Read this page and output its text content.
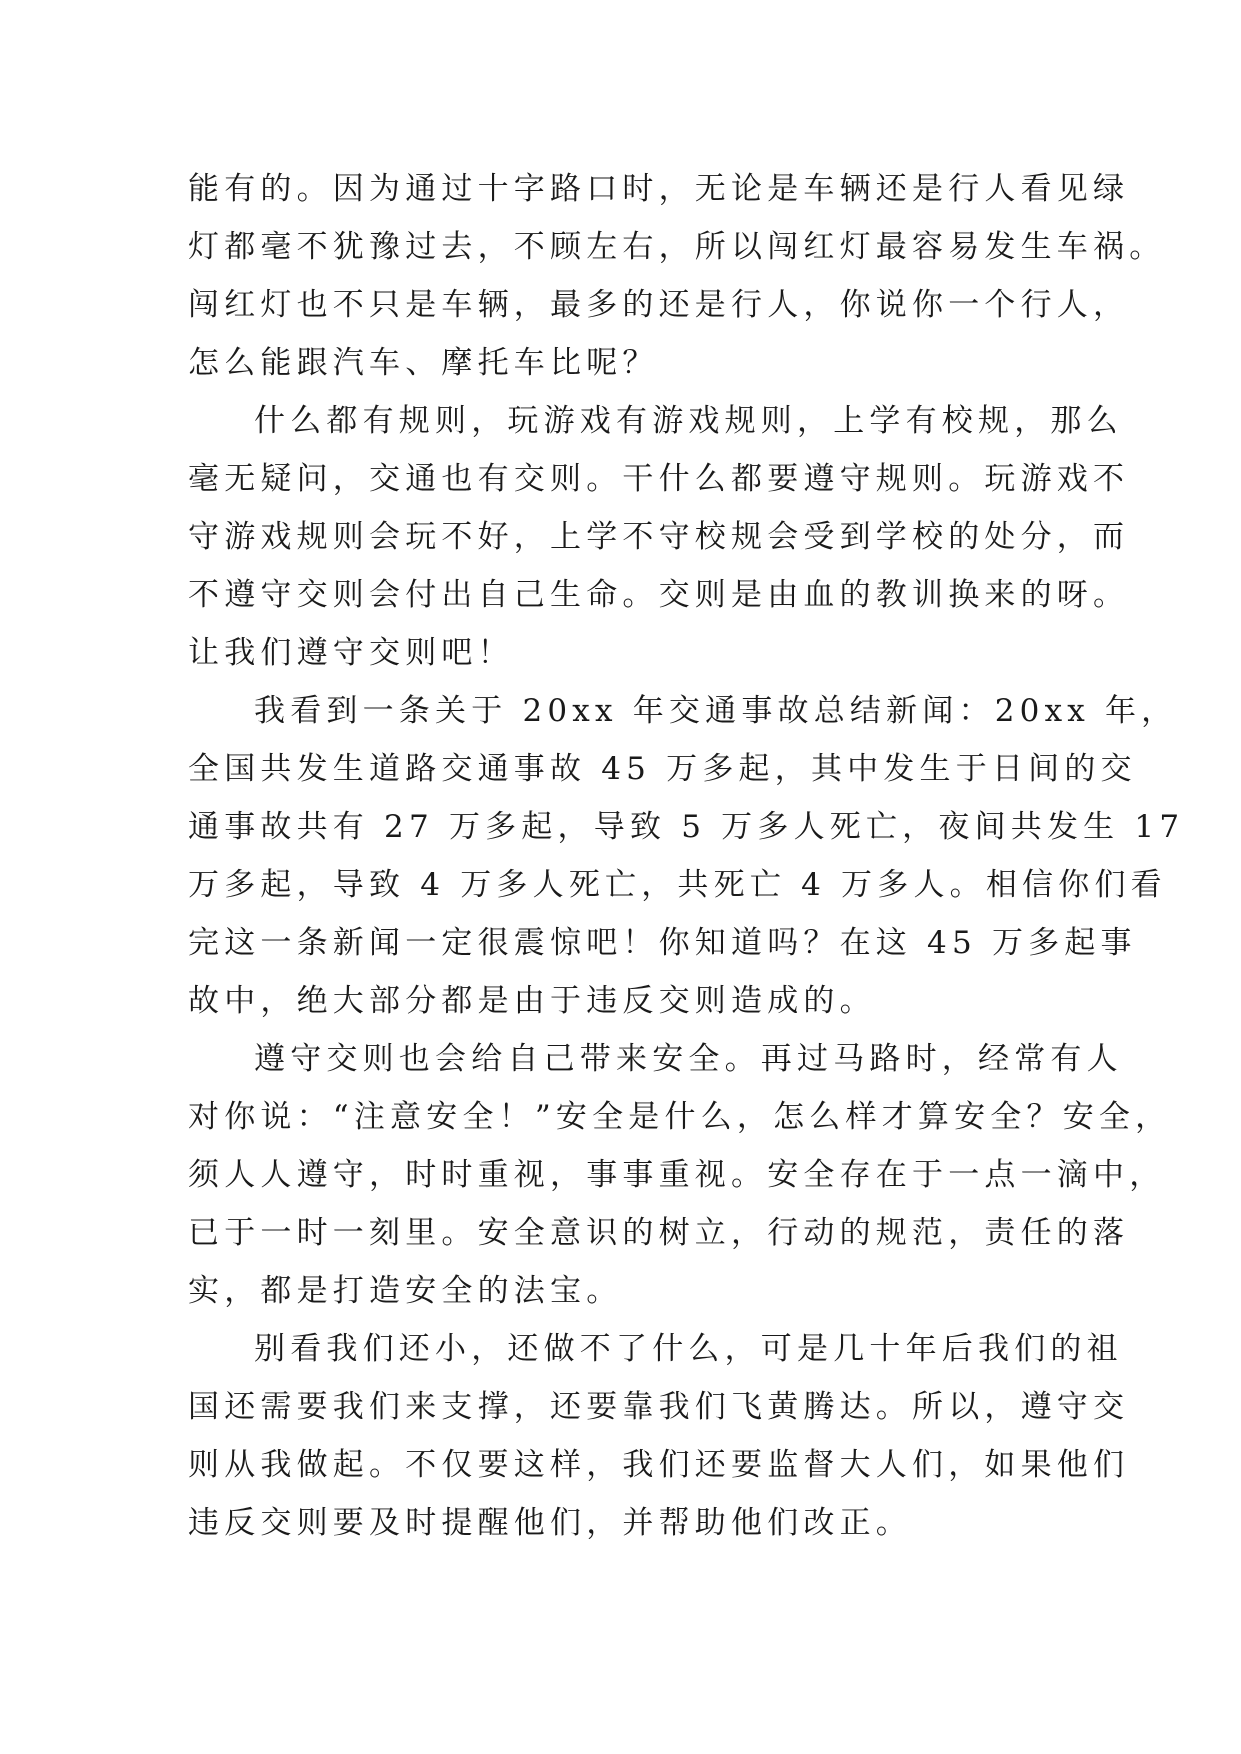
能有的。因为通过十字路口时，无论是车辆还是行人看见绿
灯都毫不犹豫过去，不顾左右，所以闯红灯最容易发生车祸。
闯红灯也不只是车辆，最多的还是行人，你说你一个行人，
怎么能跟汽车、摩托车比呢？
什么都有规则，玩游戏有游戏规则，上学有校规，那么
毫无疑问，交通也有交则。干什么都要遵守规则。玩游戏不
守游戏规则会玩不好，上学不守校规会受到学校的处分，而
不遵守交则会付出自己生命。交则是由血的教训换来的呀。
让我们遵守交则吧！
我看到一条关于 20xx 年交通事故总结新闻：20xx 年，
全国共发生道路交通事故 45 万多起，其中发生于日间的交
通事故共有 27 万多起，导致 5 万多人死亡，夜间共发生 17
万多起，导致 4 万多人死亡，共死亡 4 万多人。相信你们看
完这一条新闻一定很震惊吧！你知道吗？在这 45 万多起事
故中，绝大部分都是由于违反交则造成的。
遵守交则也会给自己带来安全。再过马路时，经常有人
对你说：“注意安全！”安全是什么，怎么样才算安全？安全，
须人人遵守，时时重视，事事重视。安全存在于一点一滴中，
已于一时一刻里。安全意识的树立，行动的规范，责任的落
实，都是打造安全的法宝。
别看我们还小，还做不了什么，可是几十年后我们的祖
国还需要我们来支撑，还要靠我们飞黄腾达。所以，遵守交
则从我做起。不仅要这样，我们还要监督大人们，如果他们
违反交则要及时提醒他们，并帮助他们改正。
